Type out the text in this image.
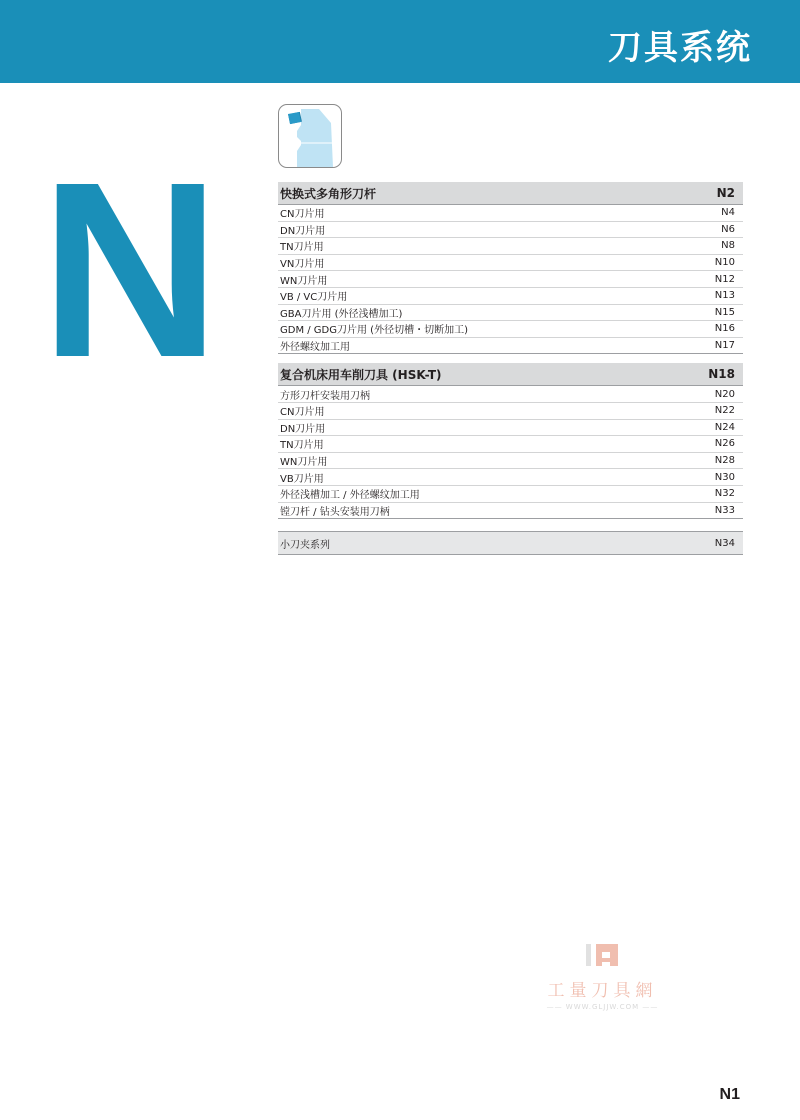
刀具系统
N	快换式多角形刀杆	N2
CN刀片用	N4
DN刀片用	N6
TN刀片用	N8
VN刀片用	N10
WN刀片用	N12
VB / VC刀片用	N13
GBA刀片用 (外径浅槽加工)	N15
GDM / GDG刀片用 (外径切槽・切断加工)	N16
外径螺纹加工用	N17
复合机床用车削刀具 (HSK-T)	N18
方形刀杆安装用刀柄	N20
CN刀片用	N22
DN刀片用	N24
TN刀片用	N26
WN刀片用	N28
VB刀片用	N30
外径浅槽加工 / 外径螺纹加工用	N32
镗刀杆 / 钻头安装用刀柄	N33
小刀夹系列	N34
工量刀具網
—— WWW.GLJJW.COM ——
N1
